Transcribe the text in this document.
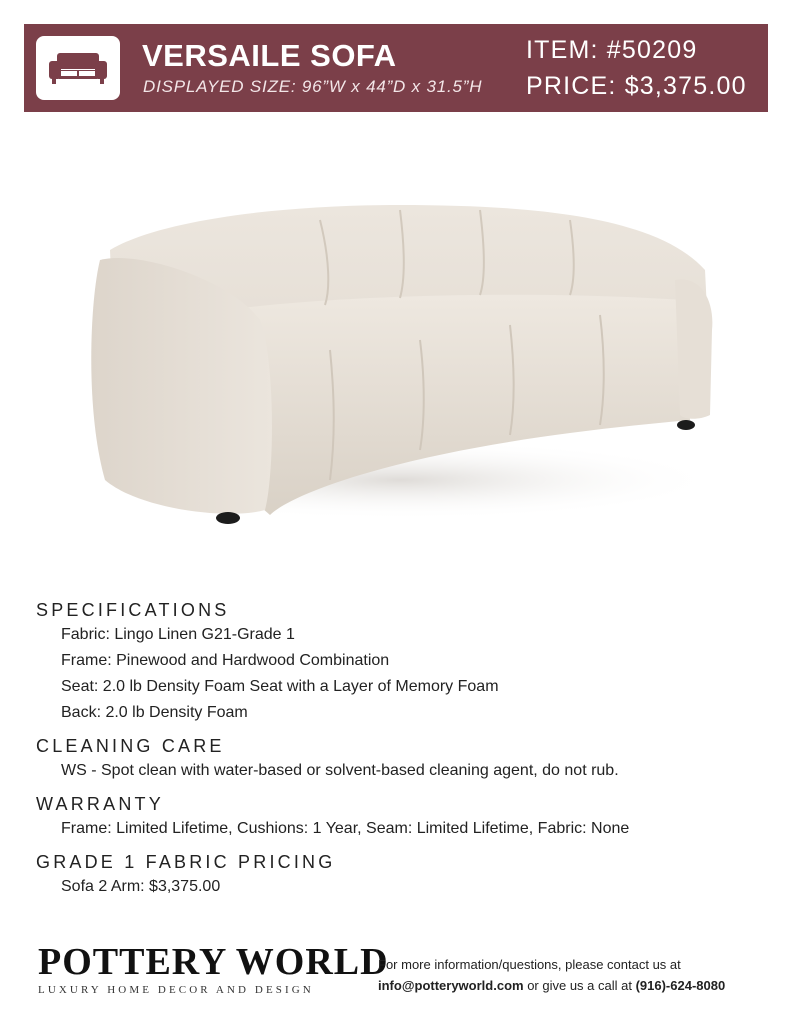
VERSAILE SOFA
DISPLAYED SIZE: 96”W x 44”D x 31.5”H
ITEM: #50209
PRICE: $3,375.00
SPECIFICATIONS
Fabric: Lingo Linen G21-Grade 1
Frame: Pinewood and Hardwood Combination
Seat: 2.0 lb Density Foam Seat with a Layer of Memory Foam
Back: 2.0 lb Density Foam
CLEANING CARE
WS - Spot clean with water-based or solvent-based cleaning agent, do not rub.
WARRANTY
Frame: Limited Lifetime, Cushions: 1 Year, Seam: Limited Lifetime, Fabric: None
GRADE 1 FABRIC PRICING
Sofa 2 Arm: $3,375.00
POTTERY WORLD
LUXURY HOME DECOR AND DESIGN
For more information/questions, please contact us at
info@potteryworld.com or give us a call at (916)-624-8080
